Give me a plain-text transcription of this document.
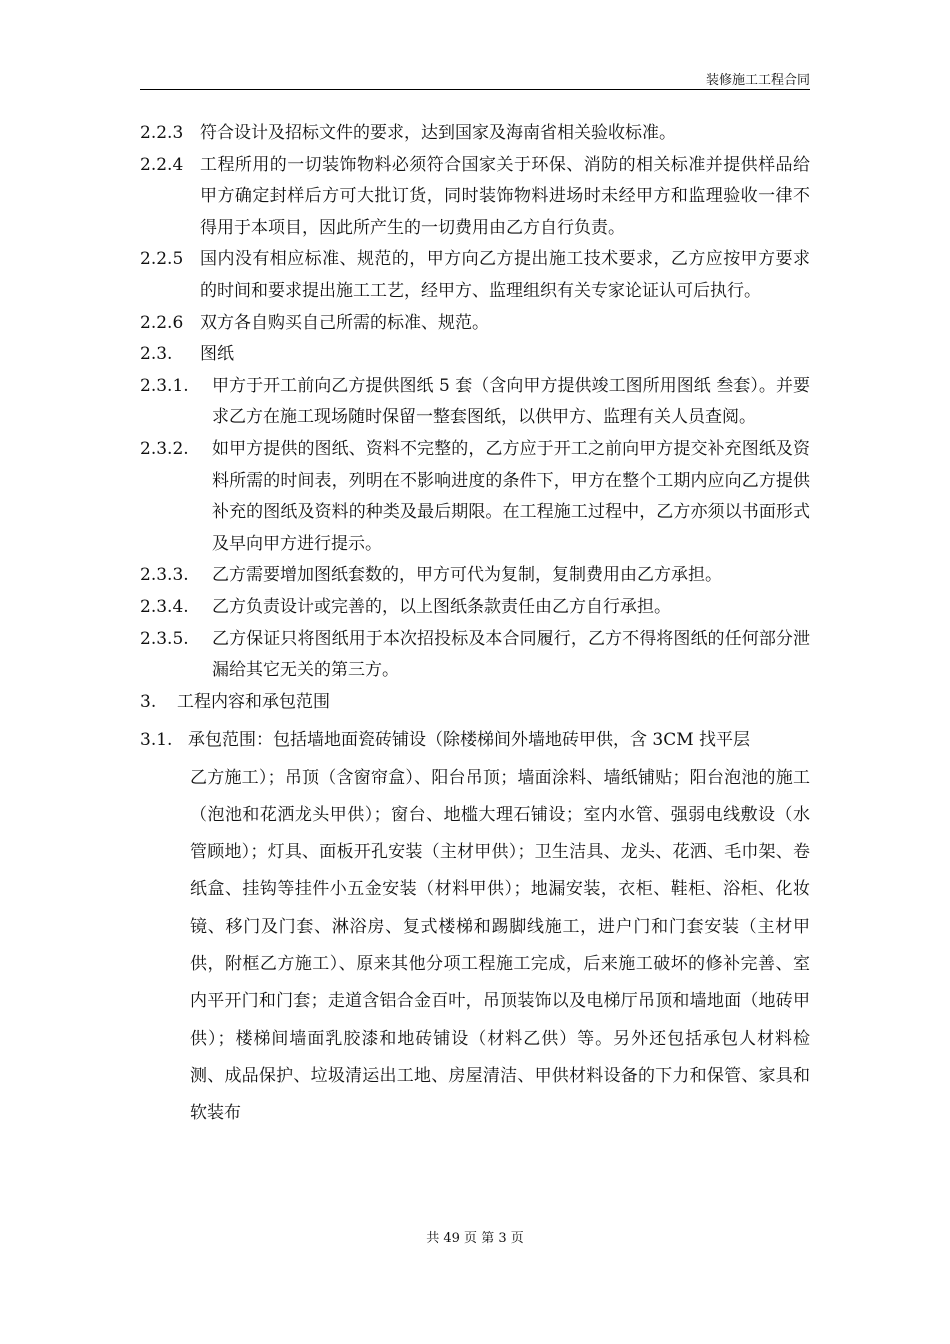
装修施工工程合同
2.2.3 符合设计及招标文件的要求，达到国家及海南省相关验收标准。
2.2.4 工程所用的一切装饰物料必须符合国家关于环保、消防的相关标准并提供样品给甲方确定封样后方可大批订货，同时装饰物料进场时未经甲方和监理验收一律不得用于本项目，因此所产生的一切费用由乙方自行负责。
2.2.5 国内没有相应标准、规范的，甲方向乙方提出施工技术要求，乙方应按甲方要求的时间和要求提出施工工艺，经甲方、监理组织有关专家论证认可后执行。
2.2.6 双方各自购买自己所需的标准、规范。
2.3. 图纸
2.3.1. 甲方于开工前向乙方提供图纸 5 套（含向甲方提供竣工图所用图纸 叁套）。并要求乙方在施工现场随时保留一整套图纸，以供甲方、监理有关人员查阅。
2.3.2. 如甲方提供的图纸、资料不完整的，乙方应于开工之前向甲方提交补充图纸及资料所需的时间表，列明在不影响进度的条件下，甲方在整个工期内应向乙方提供补充的图纸及资料的种类及最后期限。在工程施工过程中，乙方亦须以书面形式及早向甲方进行提示。
2.3.3. 乙方需要增加图纸套数的，甲方可代为复制，复制费用由乙方承担。
2.3.4. 乙方负责设计或完善的，以上图纸条款责任由乙方自行承担。
2.3.5. 乙方保证只将图纸用于本次招投标及本合同履行，乙方不得将图纸的任何部分泄漏给其它无关的第三方。
3. 工程内容和承包范围
3.1. 承包范围：包括墙地面瓷砖铺设（除楼梯间外墙地砖甲供，含 3CM 找平层
乙方施工）；吊顶（含窗帘盒）、阳台吊顶；墙面涂料、墙纸铺贴；阳台泡池的施工（泡池和花洒龙头甲供）；窗台、地槛大理石铺设；室内水管、强弱电线敷设（水管顾地）；灯具、面板开孔安装（主材甲供）；卫生洁具、龙头、花洒、毛巾架、卷纸盒、挂钩等挂件小五金安装（材料甲供）；地漏安装，衣柜、鞋柜、浴柜、化妆镜、移门及门套、淋浴房、复式楼梯和踢脚线施工，进户门和门套安装（主材甲供，附框乙方施工）、原来其他分项工程施工完成，后来施工破坏的修补完善、室内平开门和门套；走道含铝合金百叶，吊顶装饰以及电梯厅吊顶和墙地面（地砖甲供）；楼梯间墙面乳胶漆和地砖铺设（材料乙供）等。另外还包括承包人材料检测、成品保护、垃圾清运出工地、房屋清洁、甲供材料设备的下力和保管、家具和软装布
共 49 页 第 3 页
